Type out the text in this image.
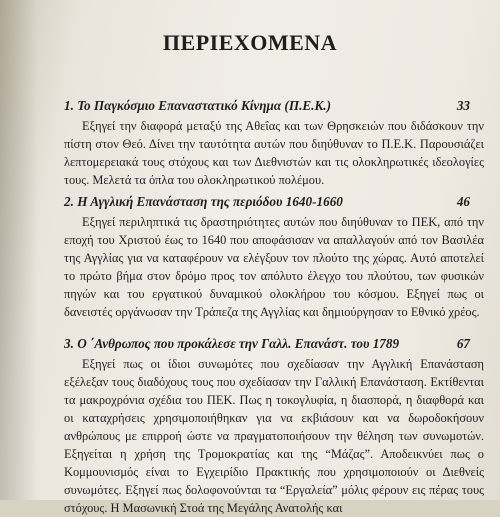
ΠΕΡΙΕΧΟΜΕΝΑ
1. Το Παγκόσμιο Επαναστατικό Κίνημα (Π.Ε.Κ.)	33
Εξηγεί την διαφορά μεταξύ της Αθεΐας και των Θρησκειών που διδάσκουν την πίστη στον Θεό. Δίνει την ταυτότητα αυτών που διηύθυναν το Π.Ε.Κ. Παρουσιάζει λεπτομερειακά τους στόχους και των Διεθνιστών και τις ολοκληρωτικές ιδεολογίες τους. Μελετά τα όπλα του ολοκληρωτικού πολέμου.
2. Η Αγγλική Επανάσταση της περιόδου 1640-1660	46
Εξηγεί περιληπτικά τις δραστηριότητες αυτών που διηύθυναν το ΠΕΚ, από την εποχή του Χριστού έως το 1640 που αποφάσισαν να απαλλαγούν από τον Βασιλέα της Αγγλίας για να καταφέρουν να ελέγξουν τον πλούτο της χώρας. Αυτό αποτελεί το πρώτο βήμα στον δρόμο προς τον απόλυτο έλεγχο του πλούτου, των φυσικών πηγών και του εργατικού δυναμικού ολοκλήρου του κόσμου. Εξηγεί πως οι δανειστές οργάνωσαν την Τράπεζα της Αγγλίας και δημιούργησαν το Εθνικό χρέος.
3. Ο ΄Ανθρωπος που προκάλεσε την Γαλλ. Επανάστ. του 1789	67
Εξηγεί πως οι ίδιοι συνωμότες που σχεδίασαν την Αγγλική Επανάσταση εξέλεξαν τους διαδόχους τους που σχεδίασαν την Γαλλική Επανάσταση. Εκτίθενται τα μακροχρόνια σχέδια του ΠΕΚ. Πως η τοκογλυφία, η διασπορά, η διαφθορά και οι καταχρήσεις χρησιμοποιήθηκαν για να εκβιάσουν και να δωροδοκήσουν ανθρώπους με επιρροή ώστε να πραγματοποιήσουν την θέληση των συνωμοτών. Εξηγείται η χρήση της Τρομοκρατίας και της “Μάζας”. Αποδεικνύει πως ο Κομμουνισμός είναι το Εγχειρίδιο Πρακτικής που χρησιμοποιούν οι Διεθνείς συνωμότες. Εξηγεί πως δολοφονούνται τα “Εργαλεία” μόλις φέρουν εις πέρας τους στόχους. Η Μασωνική Στοά της Μεγάλης Ανατολής και
